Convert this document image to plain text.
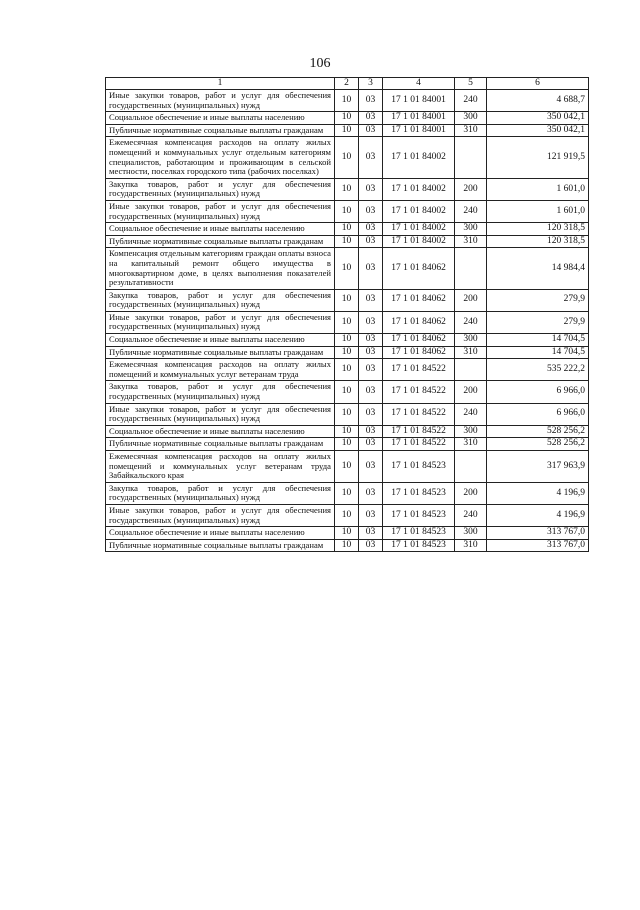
106
1	2	3	4	5	6
Иные закупки товаров, работ и услуг для обеспечения государственных (муниципальных) нужд	10	03	17 1 01 84001	240	4 688,7
Социальное обеспечение и иные выплаты населению	10	03	17 1 01 84001	300	350 042,1
Публичные нормативные социальные выплаты гражданам	10	03	17 1 01 84001	310	350 042,1
Ежемесячная компенсация расходов на оплату жилых помещений и коммунальных услуг отдельным категориям специалистов, работающим и проживающим в сельской местности, поселках городского типа (рабочих поселках)	10	03	17 1 01 84002		121 919,5
Закупка товаров, работ и услуг для обеспечения государственных (муниципальных) нужд	10	03	17 1 01 84002	200	1 601,0
Иные закупки товаров, работ и услуг для обеспечения государственных (муниципальных) нужд	10	03	17 1 01 84002	240	1 601,0
Социальное обеспечение и иные выплаты населению	10	03	17 1 01 84002	300	120 318,5
Публичные нормативные социальные выплаты гражданам	10	03	17 1 01 84002	310	120 318,5
Компенсация отдельным категориям граждан оплаты взноса на капитальный ремонт общего имущества в многоквартирном доме, в целях выполнения показателей результативности	10	03	17 1 01 84062		14 984,4
Закупка товаров, работ и услуг для обеспечения государственных (муниципальных) нужд	10	03	17 1 01 84062	200	279,9
Иные закупки товаров, работ и услуг для обеспечения государственных (муниципальных) нужд	10	03	17 1 01 84062	240	279,9
Социальное обеспечение и иные выплаты населению	10	03	17 1 01 84062	300	14 704,5
Публичные нормативные социальные выплаты гражданам	10	03	17 1 01 84062	310	14 704,5
Ежемесячная компенсация расходов на оплату жилых помещений и коммунальных услуг ветеранам труда	10	03	17 1 01 84522		535 222,2
Закупка товаров, работ и услуг для обеспечения государственных (муниципальных) нужд	10	03	17 1 01 84522	200	6 966,0
Иные закупки товаров, работ и услуг для обеспечения государственных (муниципальных) нужд	10	03	17 1 01 84522	240	6 966,0
Социальное обеспечение и иные выплаты населению	10	03	17 1 01 84522	300	528 256,2
Публичные нормативные социальные выплаты гражданам	10	03	17 1 01 84522	310	528 256,2
Ежемесячная компенсация расходов на оплату жилых помещений и коммунальных услуг ветеранам труда Забайкальского края	10	03	17 1 01 84523		317 963,9
Закупка товаров, работ и услуг для обеспечения государственных (муниципальных) нужд	10	03	17 1 01 84523	200	4 196,9
Иные закупки товаров, работ и услуг для обеспечения государственных (муниципальных) нужд	10	03	17 1 01 84523	240	4 196,9
Социальное обеспечение и иные выплаты населению	10	03	17 1 01 84523	300	313 767,0
Публичные нормативные социальные выплаты гражданам	10	03	17 1 01 84523	310	313 767,0
